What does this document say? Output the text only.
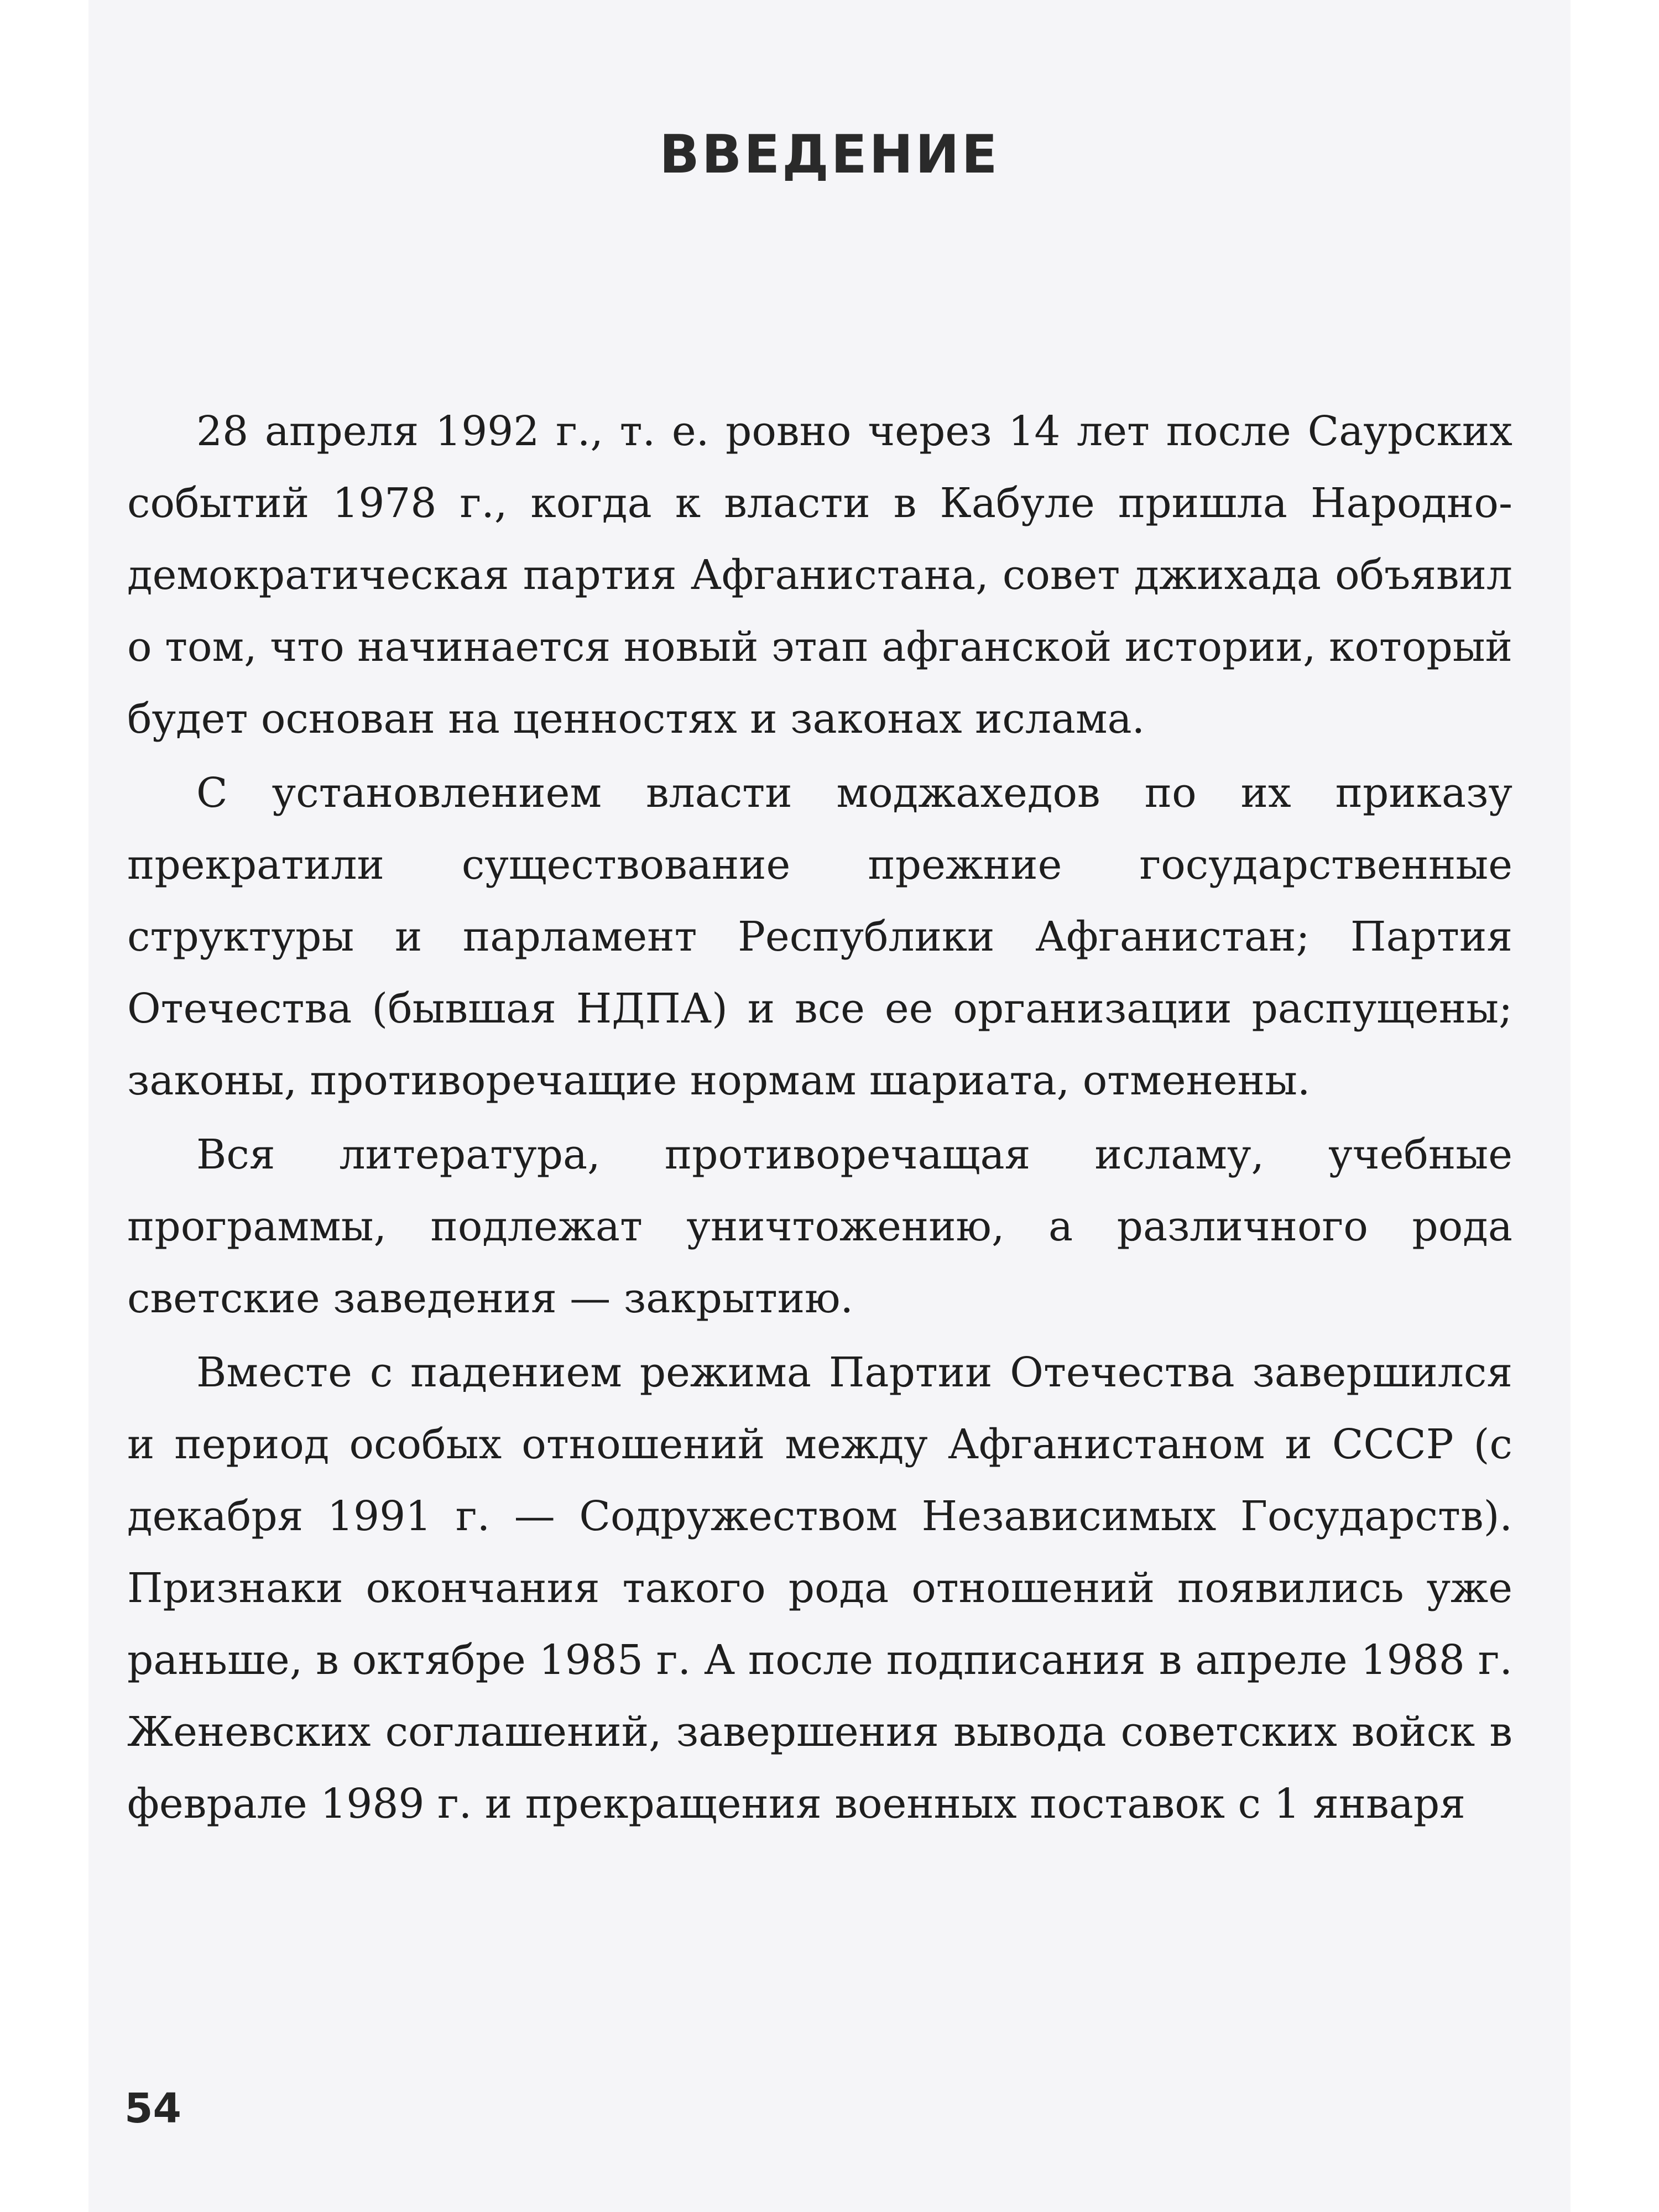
ВВЕДЕНИЕ

28 апреля 1992 г., т. е. ровно через 14 лет после Саурских событий 1978 г., когда к власти в Кабуле пришла Народно-демократическая партия Афганистана, совет джихада объявил о том, что начинается новый этап афганской истории, который будет основан на ценностях и законах ислама.

С установлением власти моджахедов по их приказу прекратили существование прежние государственные структуры и парламент Республики Афганистан; Партия Отечества (бывшая НДПА) и все ее организации распущены; законы, противоречащие нормам шариата, отменены.

Вся литература, противоречащая исламу, учебные программы, подлежат уничтожению, а различного рода светские заведения — закрытию.

Вместе с падением режима Партии Отечества завершился и период особых отношений между Афганистаном и СССР (с декабря 1991 г. — Содружеством Независимых Государств). Признаки окончания такого рода отношений появились уже раньше, в октябре 1985 г. А после подписания в апреле 1988 г. Женевских соглашений, завершения вывода советских войск в феврале 1989 г. и прекращения военных поставок с 1 января

54
